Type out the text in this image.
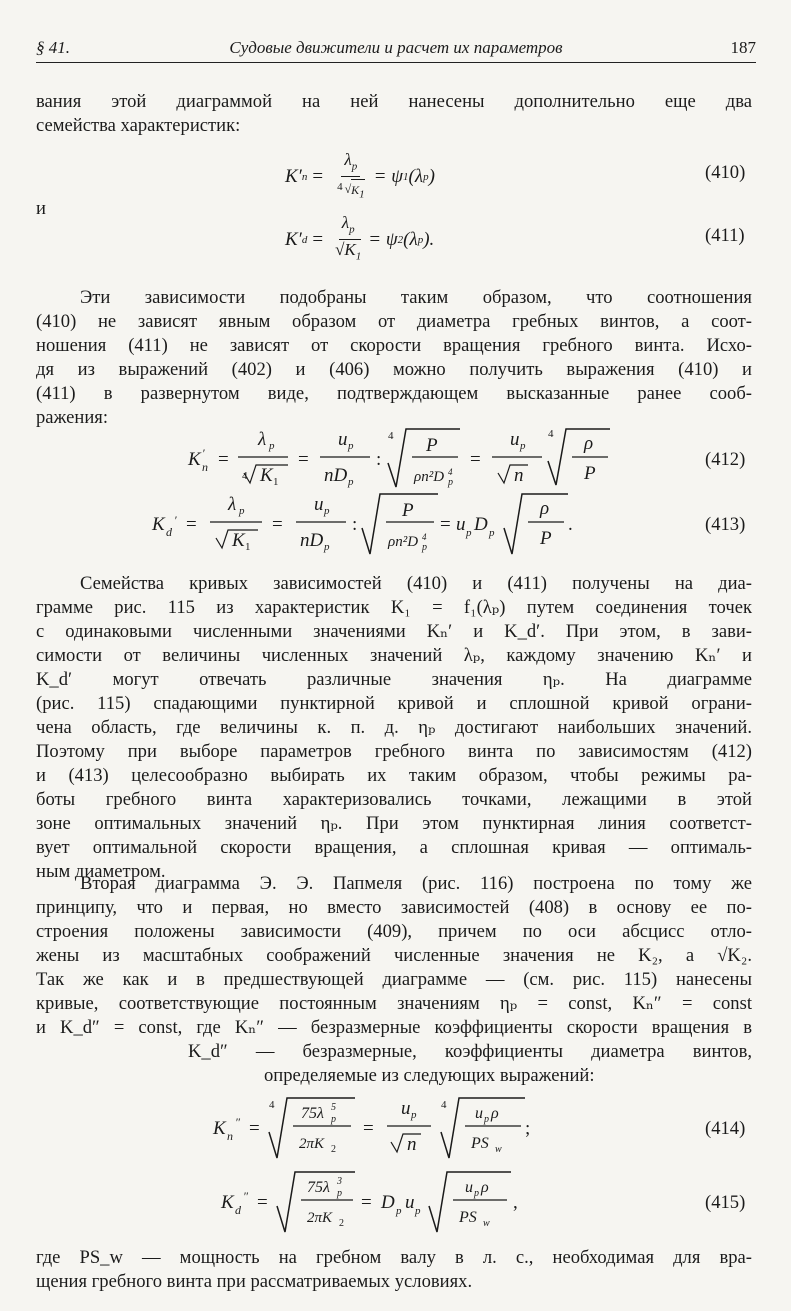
§ 41.	Судовые движители и расчет их параметров	187
вания этой диаграммой на ней нанесены дополнительно еще два
семейства характеристик:
K′ $n = \frac{\lambda_p}{4 √ K_1} = \psi$ 1 (λ p )	(410)
и
K′ $d = \frac{\lambda_p}{√K_1} = \psi$ 2 (λ p ).	(411)
Эти зависимости подобраны таким образом, что соотношения
(410) не зависят явным образом от диаметра гребных винтов, а соот-
ношения (411) не зависят от скорости вращения гребного винта. Исхо-
дя из выражений (402) и (406) можно получить выражения (410) и
(411) в развернутом виде, подтверждающем высказанные ранее сооб-
ражения:
K ′
n =
λ p
4 K 1
=
u p
nD p
:
4 P
ρn²D p
4
=
u p
n
4 ρ
P
(412)
K d
′ =
λ p
K 1
=
u p
nD p
:
P
ρn²D p
4
= u p D p
ρ
P
.	(413)
Семейства кривых зависимостей (410) и (411) получены на диа-
грамме рис. 115 из характеристик K₁ = f₁(λₚ) путем соединения точек
с одинаковыми численными значениями Kₙ′ и K_d′. При этом, в зави-
симости от величины численных значений λₚ, каждому значению Kₙ′ и
K_d′ могут отвечать различные значения ηₚ. На диаграмме
(рис. 115) спадающими пунктирной кривой и сплошной кривой ограни-
чена область, где величины к. п. д. ηₚ достигают наибольших значений.
Поэтому при выборе параметров гребного винта по зависимостям (412)
и (413) целесообразно выбирать их таким образом, чтобы режимы ра-
боты гребного винта характеризовались точками, лежащими в этой
зоне оптимальных значений ηₚ. При этом пунктирная линия соответст-
вует оптимальной скорости вращения, а сплошная кривая — оптималь-
ным диаметром.
Вторая диаграмма Э. Э. Папмеля (рис. 116) построена по тому же
принципу, что и первая, но вместо зависимостей (408) в основу ее по-
строения положены зависимости (409), причем по оси абсцисс отло-
жены из масштабных соображений численные значения не K₂, а √K₂.
Так же как и в предшествующей диаграмме — (см. рис. 115) нанесены
кривые, соответствующие постоянным значениям ηₚ = const, Kₙ″ = const
и K_d″ = const, где Kₙ″ — безразмерные коэффициенты скорости вращения в
K_d″ — безразмерные, коэффициенты диаметра винтов,
определяемые из следующих выражений:
K n
″ =
4 75λ p
5
2πK 2
=
u p
n
4 u p ρ
PS w
;	(414)
K d
″ =
75λ p
3
2πK 2
= D p u p
u p ρ
PS w
,	(415)
где PS_w — мощность на гребном валу в л. с., необходимая для вра-
щения гребного винта при рассматриваемых условиях.
